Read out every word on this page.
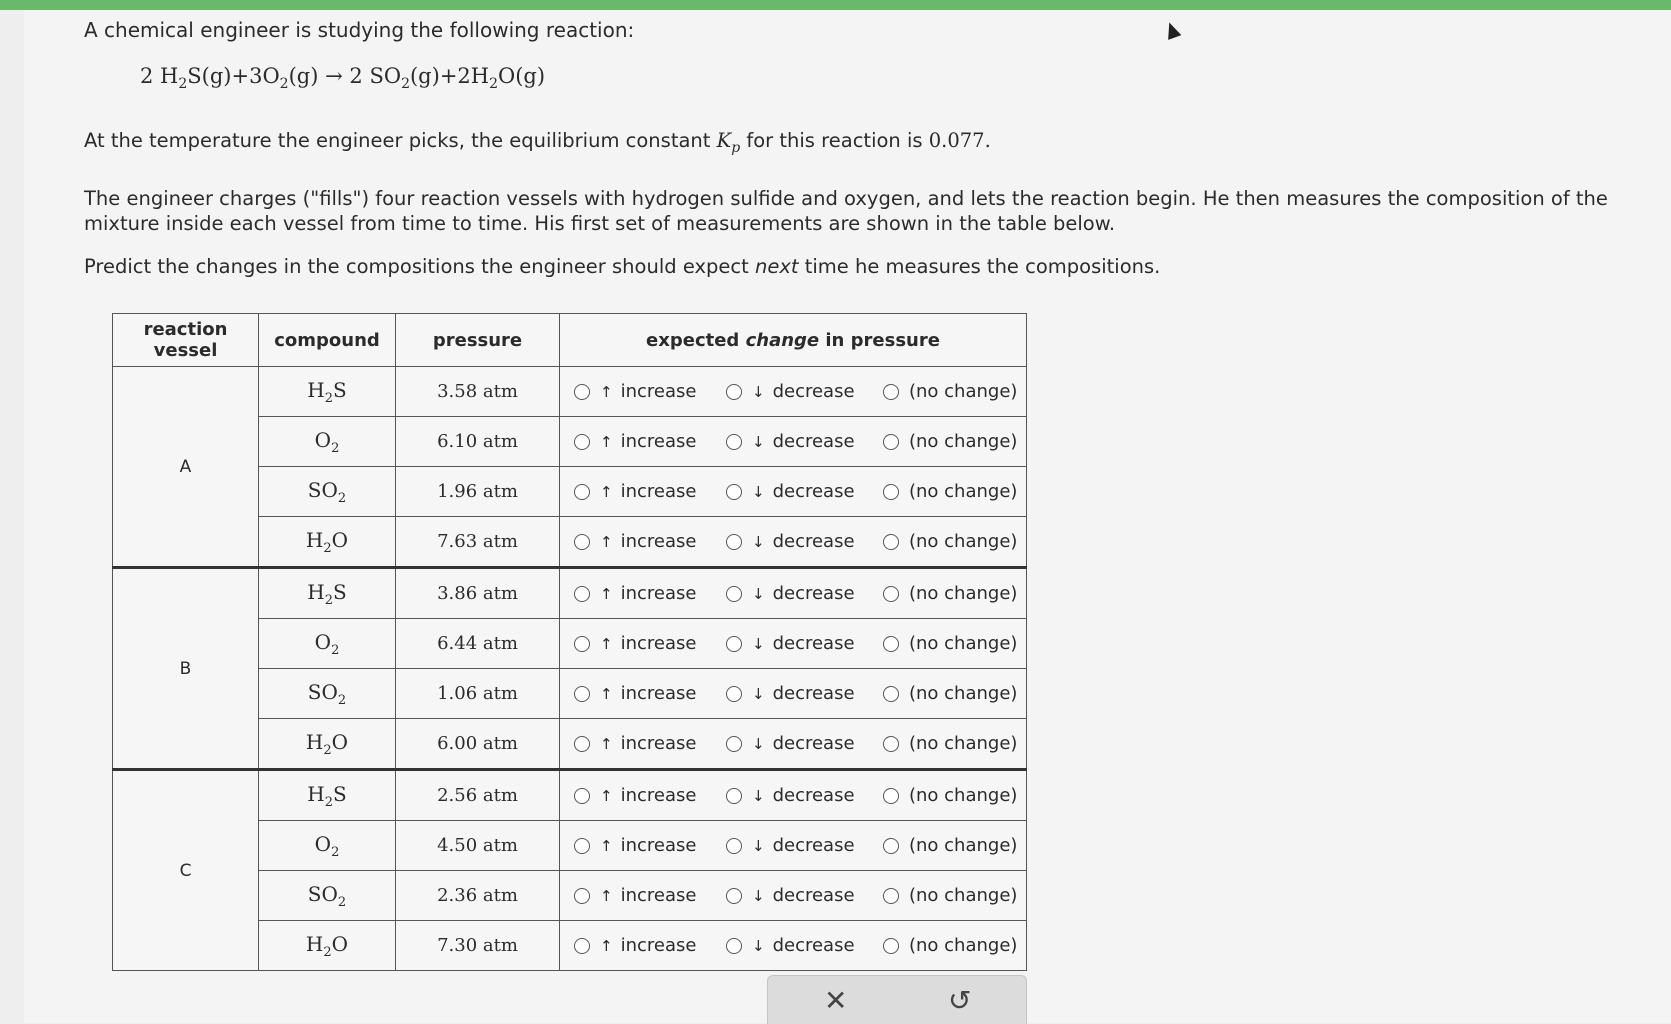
A chemical engineer is studying the following reaction:
2 $H_2S(g)+3O_2(g) \to 2$ $SO_2(g)+2H_2O(g)$
At the temperature the engineer picks, the equilibrium constant $K_p$ for this reaction is 0.077.
The engineer charges ("fills") four reaction vessels with hydrogen sulfide and oxygen, and lets the reaction begin. He then measures the composition of the mixture inside each vessel from time to time. His first set of measurements are shown in the table below.
Predict the changes in the compositions the engineer should expect next time he measures the compositions.
reaction vessel	compound	pressure	expected change in pressure
A	$H_2S$	3.58 atm	↑ increase ↓ decrease (no change)

	$O_2$	6.10 atm	↑ increase ↓ decrease (no change)

	$SO_2$	1.96 atm	↑ increase ↓ decrease (no change)

	$H_2O$	7.63 atm	↑ increase ↓ decrease (no change)

B	$H_2S$	3.86 atm	↑ increase ↓ decrease (no change)

	$O_2$	6.44 atm	↑ increase ↓ decrease (no change)

	$SO_2$	1.06 atm	↑ increase ↓ decrease (no change)

	$H_2O$	6.00 atm	↑ increase ↓ decrease (no change)

C	$H_2S$	2.56 atm	↑ increase ↓ decrease (no change)

	$O_2$	4.50 atm	↑ increase ↓ decrease (no change)

	$SO_2$	2.36 atm	↑ increase ↓ decrease (no change)

	$H_2O$	7.30 atm	↑ increase ↓ decrease (no change)
✕	↺
